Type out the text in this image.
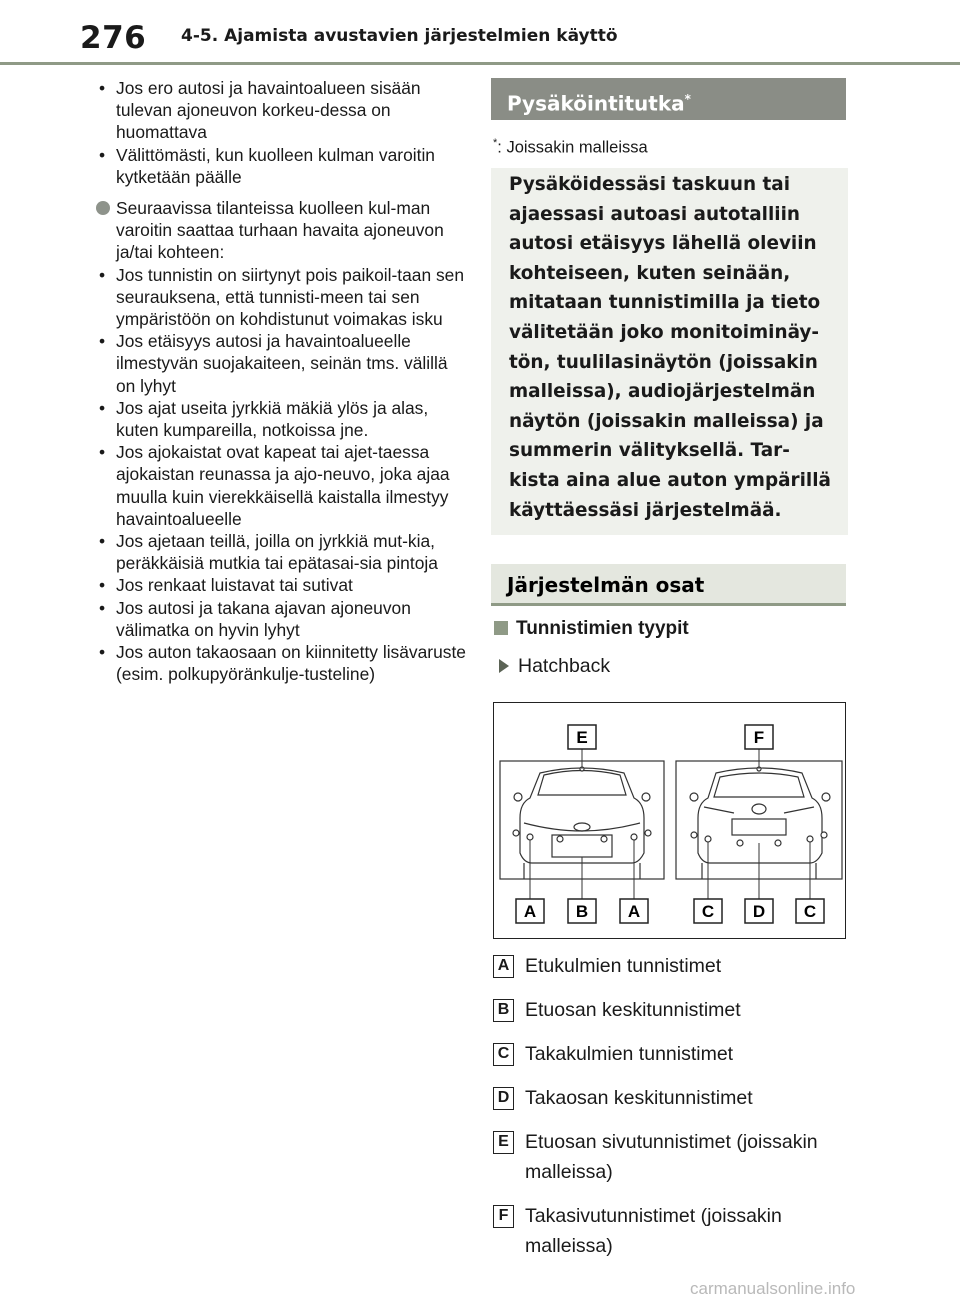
276 4-5. Ajamista avustavien järjestelmien käyttö
• Jos ero autosi ja havaintoalueen sisään tulevan ajoneuvon korkeu-dessa on huomattava
• Välittömästi, kun kuolleen kulman varoitin kytketään päälle
Seuraavissa tilanteissa kuolleen kul-man varoitin saattaa turhaan havaita ajoneuvon ja/tai kohteen:
• Jos tunnistin on siirtynyt pois paikoil-taan sen seurauksena, että tunnisti-meen tai sen ympäristöön on kohdistunut voimakas isku
• Jos etäisyys autosi ja havaintoalueelle ilmestyvän suojakaiteen, seinän tms. välillä on lyhyt
• Jos ajat useita jyrkkiä mäkiä ylös ja alas, kuten kumpareilla, notkoissa jne.
• Jos ajokaistat ovat kapeat tai ajet-taessa ajokaistan reunassa ja ajo-neuvo, joka ajaa muulla kuin vierekkäisellä kaistalla ilmestyy havaintoalueelle
• Jos ajetaan teillä, joilla on jyrkkiä mut-kia, peräkkäisiä mutkia tai epätasai-sia pintoja
• Jos renkaat luistavat tai sutivat
• Jos autosi ja takana ajavan ajoneuvon välimatka on hyvin lyhyt
• Jos auton takaosaan on kiinnitetty lisävaruste (esim. polkupyöränkulje-tusteline)
Pysäköintitutka*
*: Joissakin malleissa
Pysäköidessäsi taskuun tai ajaessasi autoasi autotalliin autosi etäisyys lähellä oleviin kohteiseen, kuten seinään, mitataan tunnistimilla ja tieto välitetään joko monitoiminäy-tön, tuulilasinäytön (joissakin malleissa), audiojärjestelmän näytön (joissakin malleissa) ja summerin välityksellä. Tar-kista aina alue auton ympärillä käyttäessäsi järjestelmää.
Järjestelmän osat
Tunnistimien tyypit
Hatchback
E	F
A B A	C D C
A Etukulmien tunnistimet
B Etuosan keskitunnistimet
C Takakulmien tunnistimet
D Takaosan keskitunnistimet
E Etuosan sivutunnistimet (joissakin malleissa)
F Takasivutunnistimet (joissakin malleissa)
carmanualsonline.info
